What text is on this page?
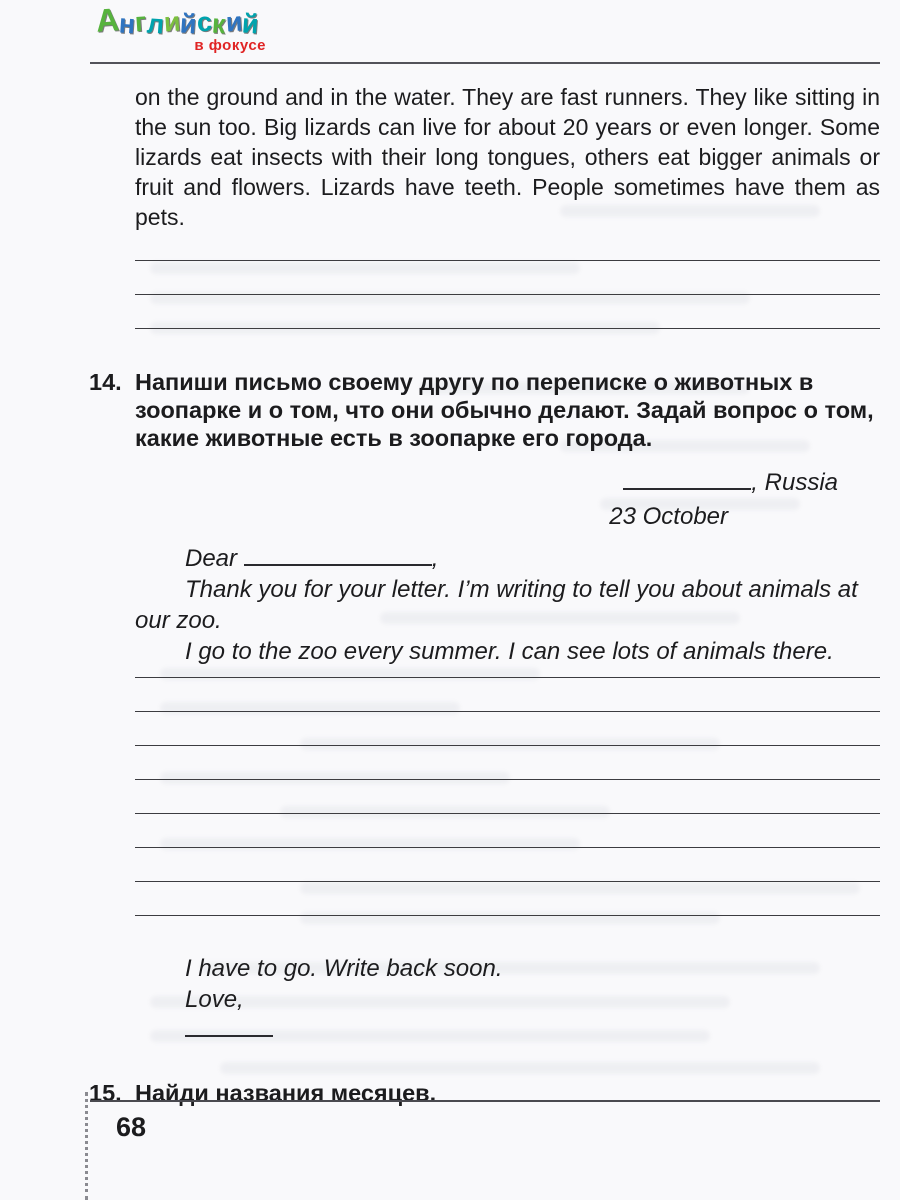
Английский
в фокусе

on the ground and in the water. They are fast runners. They like sitting in the sun too. Big lizards can live for about 20 years or even longer. Some lizards eat insects with their long tongues, others eat bigger animals or fruit and flowers. Lizards have teeth. People sometimes have them as pets.

14. Напиши письмо своему другу по переписке о животных в зоопарке и о том, что они обычно делают. Задай вопрос о том, какие животные есть в зоопарке его города.
, Russia
23 October

Dear	,

Thank you for your letter. I’m writing to tell you about animals at our zoo.

I go to the zoo every summer. I can see lots of animals there.

I have to go. Write back soon.

Love,

15. Найди названия месяцев.
68
